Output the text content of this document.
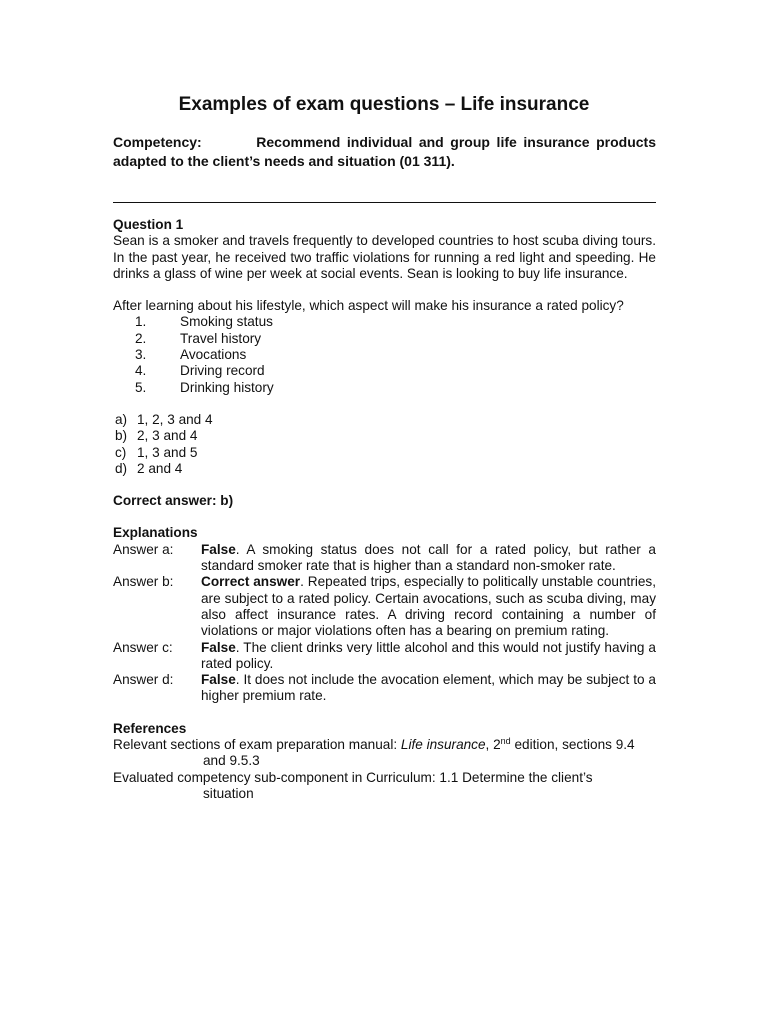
Examples of exam questions – Life insurance
Competency:	Recommend individual and group life insurance products adapted to the client’s needs and situation (01 311).
Question 1
Sean is a smoker and travels frequently to developed countries to host scuba diving tours. In the past year, he received two traffic violations for running a red light and speeding. He drinks a glass of wine per week at social events. Sean is looking to buy life insurance.
After learning about his lifestyle, which aspect will make his insurance a rated policy?
1.	Smoking status
2.	Travel history
3.	Avocations
4.	Driving record
5.	Drinking history
a) 1, 2, 3 and 4
b) 2, 3 and 4
c) 1, 3 and 5
d) 2 and 4
Correct answer: b)
Explanations
Answer a:	False. A smoking status does not call for a rated policy, but rather a standard smoker rate that is higher than a standard non-smoker rate.
Answer b:	Correct answer. Repeated trips, especially to politically unstable countries, are subject to a rated policy. Certain avocations, such as scuba diving, may also affect insurance rates. A driving record containing a number of violations or major violations often has a bearing on premium rating.
Answer c:	False. The client drinks very little alcohol and this would not justify having a rated policy.
Answer d:	False. It does not include the avocation element, which may be subject to a higher premium rate.
References
Relevant sections of exam preparation manual: Life insurance, 2nd edition, sections 9.4
and 9.5.3
Evaluated competency sub-component in Curriculum: 1.1 Determine the client’s
situation
